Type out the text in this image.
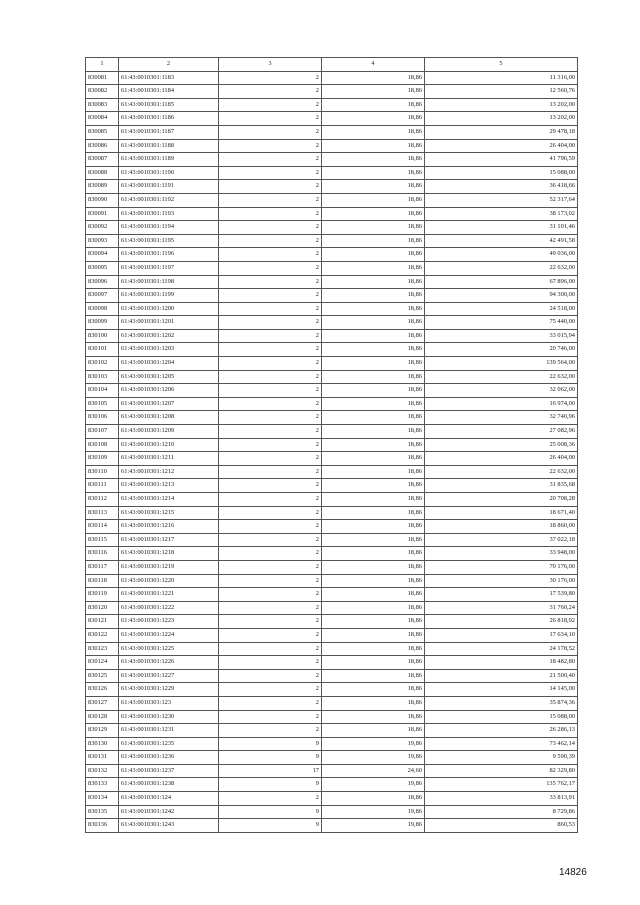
1	2	3	4	5
830081	61:43:0010301:1183	2	18,86	11 316,00
830082	61:43:0010301:1184	2	18,86	12 560,76
830083	61:43:0010301:1185	2	18,86	13 202,00
830084	61:43:0010301:1186	2	18,86	13 202,00
830085	61:43:0010301:1187	2	18,86	29 478,18
830086	61:43:0010301:1188	2	18,86	26 404,00
830087	61:43:0010301:1189	2	18,86	41 796,59
830088	61:43:0010301:1190	2	18,86	15 088,00
830089	61:43:0010301:1191	2	18,86	36 418,66
830090	61:43:0010301:1192	2	18,86	52 317,64
830091	61:43:0010301:1193	2	18,86	38 173,02
830092	61:43:0010301:1194	2	18,86	31 101,46
830093	61:43:0010301:1195	2	18,86	42 491,58
830094	61:43:0010301:1196	2	18,86	49 036,00
830095	61:43:0010301:1197	2	18,86	22 632,00
830096	61:43:0010301:1198	2	18,86	67 896,00
830097	61:43:0010301:1199	2	18,86	94 300,00
830098	61:43:0010301:1200	2	18,86	24 518,00
830099	61:43:0010301:1201	2	18,86	75 440,00
830100	61:43:0010301:1202	2	18,86	33 015,94
830101	61:43:0010301:1203	2	18,86	20 746,00
830102	61:43:0010301:1204	2	18,86	139 564,00
830103	61:43:0010301:1205	2	18,86	22 632,00
830104	61:43:0010301:1206	2	18,86	32 062,00
830105	61:43:0010301:1207	2	18,86	16 974,00
830106	61:43:0010301:1208	2	18,86	32 740,96
830107	61:43:0010301:1209	2	18,86	27 082,96
830108	61:43:0010301:1210	2	18,86	25 008,36
830109	61:43:0010301:1211	2	18,86	26 404,00
830110	61:43:0010301:1212	2	18,86	22 632,00
830111	61:43:0010301:1213	2	18,86	31 835,68
830112	61:43:0010301:1214	2	18,86	20 708,28
830113	61:43:0010301:1215	2	18,86	18 671,40
830114	61:43:0010301:1216	2	18,86	18 860,00
830115	61:43:0010301:1217	2	18,86	37 022,18
830116	61:43:0010301:1218	2	18,86	33 948,00
830117	61:43:0010301:1219	2	18,86	70 176,00
830118	61:43:0010301:1220	2	18,86	30 176,00
830119	61:43:0010301:1221	2	18,86	17 539,80
830120	61:43:0010301:1222	2	18,86	31 760,24
830121	61:43:0010301:1223	2	18,86	26 818,92
830122	61:43:0010301:1224	2	18,86	17 634,10
830123	61:43:0010301:1225	2	18,86	24 178,52
830124	61:43:0010301:1226	2	18,86	18 482,80
830125	61:43:0010301:1227	2	18,86	21 500,40
830126	61:43:0010301:1229	2	18,86	14 145,00
830127	61:43:0010301:123	2	18,86	35 874,36
830128	61:43:0010301:1230	2	18,86	15 088,00
830129	61:43:0010301:1231	2	18,86	26 286,13
830130	61:43:0010301:1235	9	19,86	73 462,14
830131	61:43:0010301:1236	9	19,86	9 590,39
830132	61:43:0010301:1237	17	24,60	82 329,80
830133	61:43:0010301:1238	9	19,86	135 762,17
830134	61:43:0010301:124	2	18,86	33 813,91
830135	61:43:0010301:1242	9	19,86	8 729,86
830136	61:43:0010301:1243	9	19,86	860,53
14826
